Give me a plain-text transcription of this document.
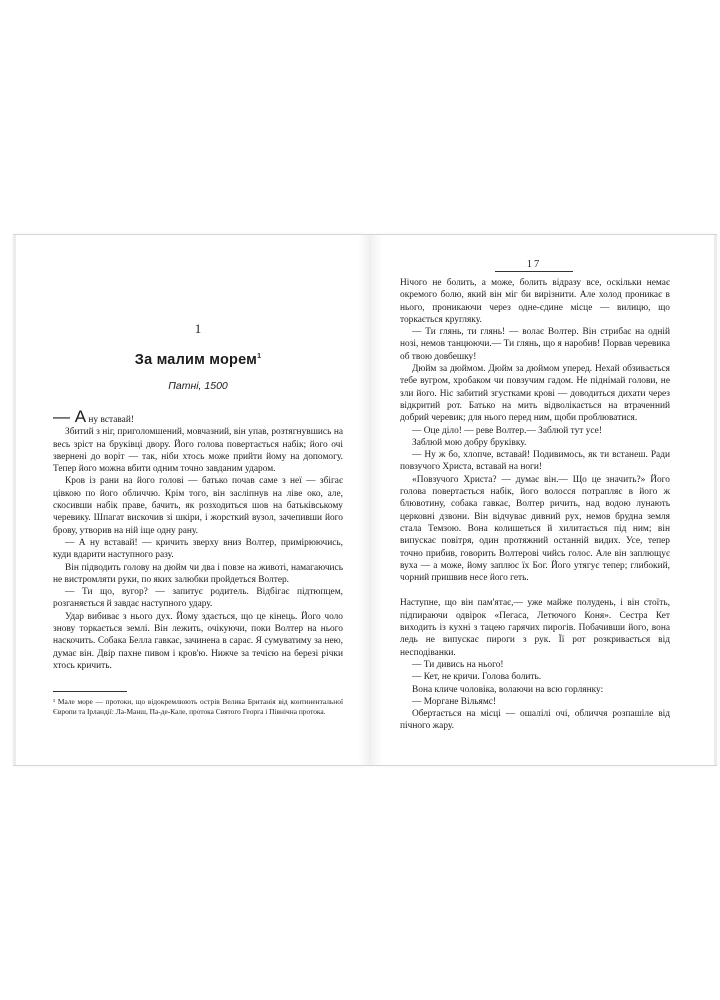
1
За малим морем$^1$
Патні, 1500

— А ну вставай!

Збитий з ніг, приголомшений, мовчазний, він упав, розтягнувшись на весь зріст на бруківці двору. Його голова повертається набік; його очі звернені до воріт — так, ніби хтось може прийти йому на допомогу. Тепер його можна вбити одним точно завданим ударом.

Кров із рани на його голові — батько почав саме з неї — збігає цівкою по його обличчю. Крім того, він засліпнув на ліве око, але, скосивши набік праве, бачить, як розходиться шов на батьківському черевику. Шпагат вискочив зі шкіри, і жорсткий вузол, зачепивши його брову, утворив на ній іще одну рану.

— А ну вставай! — кричить зверху вниз Волтер, примірюючись, куди вдарити наступного разу.

Він підводить голову на дюйм чи два і повзе на животі, намагаючись не вистромляти руки, по яких залюбки пройдеться Волтер.

— Ти що, вугор? — запитує родитель. Відбігає підтюпцем, розганяється й завдає наступного удару.

Удар вибиває з нього дух. Йому здається, що це кінець. Його чоло знову торкається землі. Він лежить, очікуючи, поки Волтер на нього наскочить. Собака Белла гавкає, зачинена в сарає. Я сумуватиму за нею, думає він. Двір пахне пивом і кров'ю. Нижче за течією на березі річки хтось кричить.

¹ Мале море — протоки, що відокремлюють острів Велика Британія від континентальної Європи та Ірландії: Ла-Манш, Па-де-Кале, протока Святого Георга і Північна протока.
17

Нічого не болить, а може, болить відразу все, оскільки немає окремого болю, який він міг би вирізнити. Але холод проникає в нього, проникаючи через одне-єдине місце — вилицю, що торкається кругляку.

— Ти глянь, ти глянь! — волає Волтер. Він стрибає на одній нозі, немов танцюючи.— Ти глянь, що я наробив! Порвав черевика об твою довбешку!

Дюйм за дюймом. Дюйм за дюймом уперед. Нехай обзивається тебе вугром, хробаком чи повзучим гадом. Не піднімай голови, не зли його. Ніс забитий згустками крові — доводиться дихати через відкритий рот. Батько на мить відволікається на втраченний добрий черевик; для нього перед ним, щоби проблюватися.

— Оце діло! — реве Волтер.— Заблюй тут усе!

Заблюй мою добру бруківку.

— Ну ж бо, хлопче, вставай! Подивимось, як ти встанеш. Ради повзучого Христа, вставай на ноги!

«Повзучого Христа? — думає він.— Що це значить?» Його голова повертається набік, його волосся потрапляє в його ж блювотину, собака гавкає, Волтер ричить, над водою лунають церковні дзвони. Він відчуває дивний рух, немов брудна земля стала Темзою. Вона колишеться й хилитається під ним; він випускає повітря, один протяжний останній видих. Усе, тепер точно прибив, говорить Волтерові чийсь голос. Але він заплющує вуха — а може, йому заплює їх Бог. Його утягує тепер; глибокий, чорний пришвив несе його геть.

Наступне, що він пам'ятає,— уже майже полудень, і він стоїть, підпираючи одвірок «Пегаса, Летючого Коня». Сестра Кет виходить із кухні з тацею гарячих пирогів. Побачивши його, вона ледь не випускає пироги з рук. Її рот розкривається від несподіванки.

— Ти дивись на нього!

— Кет, не кричи. Голова болить.

Вона кличе чоловіка, волаючи на всю горлянку:

— Моргане Вільямс!

Обертається на місці — ошалілі очі, обличчя розпашіле від пічного жару.
